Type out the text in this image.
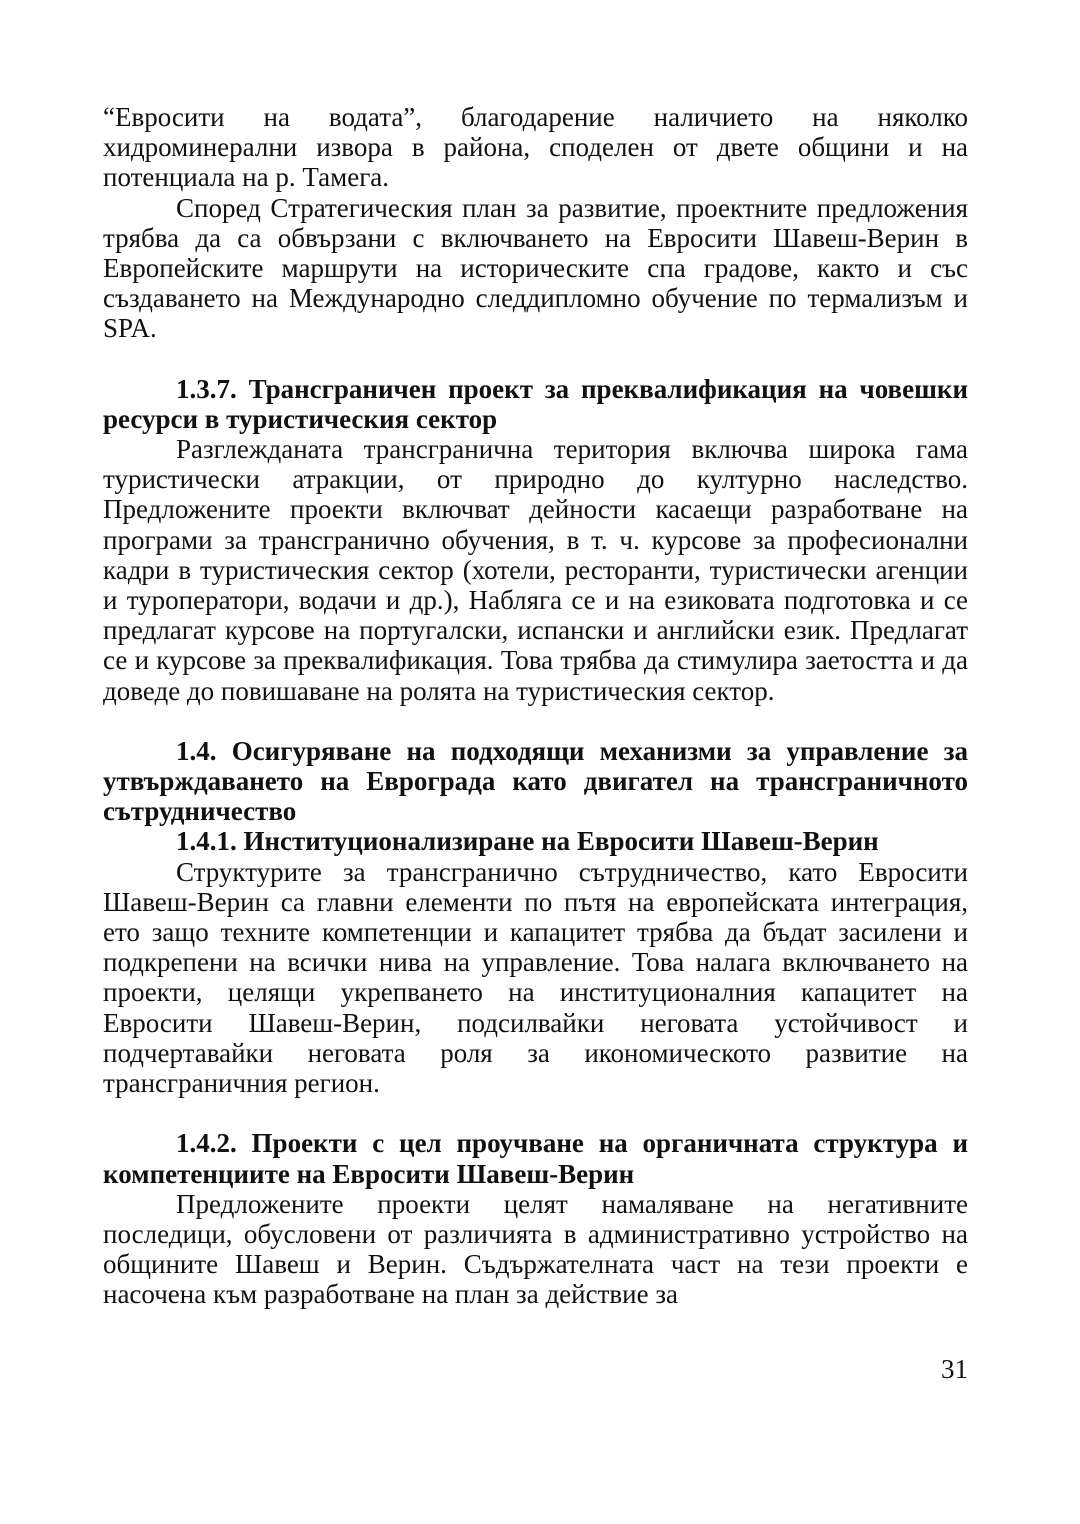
“Евросити на водата”, благодарение наличието на няколко хидроминерални извора в района, споделен от двете общини и на потенциала на р. Тамега.

Според Стратегическия план за развитие, проектните предложения трябва да са обвързани с включването на Евросити Шавеш-Верин в Европейските маршрути на историческите спа градове, както и със създаването на Международно следдипломно обучение по термализъм и SPA.

1.3.7. Трансграничен проект за преквалификация на човешки ресурси в туристическия сектор

Разглежданата трансгранична територия включва широка гама туристически атракции, от природно до културно наследство. Предложените проекти включват дейности касаещи разработване на програми за трансгранично обучения, в т. ч. курсове за професионални кадри в туристическия сектор (хотели, ресторанти, туристически агенции и туроператори, водачи и др.), Набляга се и на езиковата подготовка и се предлагат курсове на португалски, испански и английски език. Предлагат се и курсове за преквалификация. Това трябва да стимулира заетостта и да доведе до повишаване на ролята на туристическия сектор.

1.4. Осигуряване на подходящи механизми за управление за утвърждаването на Еврограда като двигател на трансграничното сътрудничество

1.4.1. Институционализиране на Евросити Шавеш-Верин

Структурите за трансгранично сътрудничество, като Евросити Шавеш-Верин са главни елементи по пътя на европейската интеграция, ето защо техните компетенции и капацитет трябва да бъдат засилени и подкрепени на всички нива на управление. Това налага включването на проекти, целящи укрепването на институционалния капацитет на Евросити Шавеш-Верин, подсилвайки неговата устойчивост и подчертавайки неговата роля за икономическото развитие на трансграничния регион.

1.4.2. Проекти с цел проучване на органичната структура и компетенциите на Евросити Шавеш-Верин

Предложените проекти целят намаляване на негативните последици, обусловени от различията в административно устройство на общините Шавеш и Верин. Съдържателната част на тези проекти е насочена към разработване на план за действие за

31
